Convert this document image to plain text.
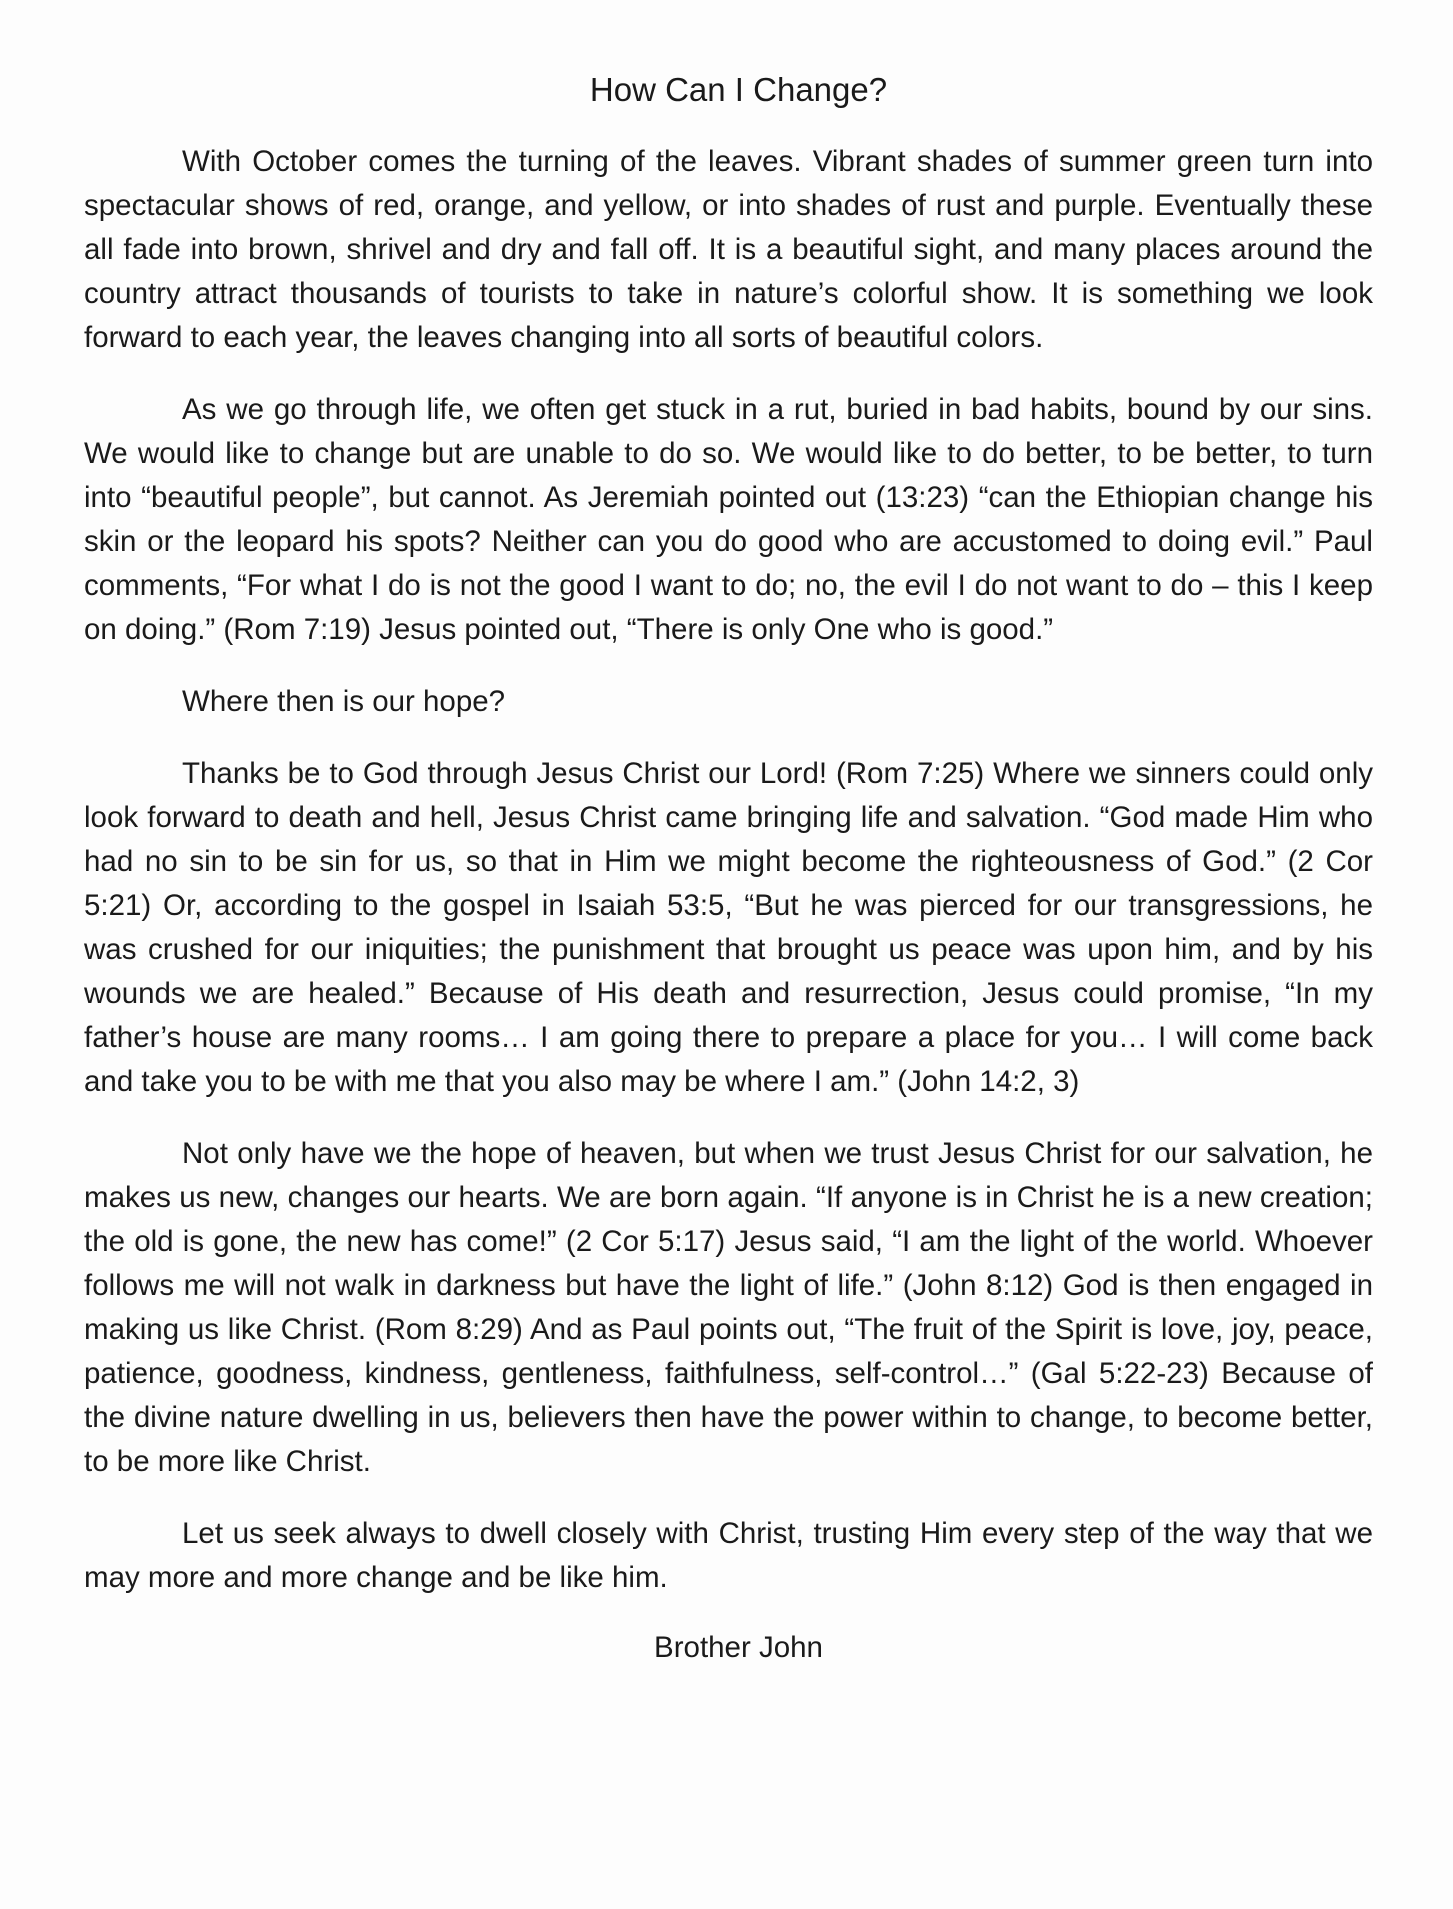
How Can I Change?

With October comes the turning of the leaves. Vibrant shades of summer green turn into spectacular shows of red, orange, and yellow, or into shades of rust and purple. Eventually these all fade into brown, shrivel and dry and fall off. It is a beautiful sight, and many places around the country attract thousands of tourists to take in nature’s colorful show. It is something we look forward to each year, the leaves changing into all sorts of beautiful colors.

As we go through life, we often get stuck in a rut, buried in bad habits, bound by our sins. We would like to change but are unable to do so. We would like to do better, to be better, to turn into “beautiful people”, but cannot. As Jeremiah pointed out (13:23) “can the Ethiopian change his skin or the leopard his spots? Neither can you do good who are accustomed to doing evil.” Paul comments, “For what I do is not the good I want to do; no, the evil I do not want to do – this I keep on doing.” (Rom 7:19) Jesus pointed out, “There is only One who is good.”

Where then is our hope?

Thanks be to God through Jesus Christ our Lord! (Rom 7:25) Where we sinners could only look forward to death and hell, Jesus Christ came bringing life and salvation. “God made Him who had no sin to be sin for us, so that in Him we might become the righteousness of God.” (2 Cor 5:21) Or, according to the gospel in Isaiah 53:5, “But he was pierced for our transgressions, he was crushed for our iniquities; the punishment that brought us peace was upon him, and by his wounds we are healed.” Because of His death and resurrection, Jesus could promise, “In my father’s house are many rooms… I am going there to prepare a place for you… I will come back and take you to be with me that you also may be where I am.” (John 14:2, 3)

Not only have we the hope of heaven, but when we trust Jesus Christ for our salvation, he makes us new, changes our hearts. We are born again. “If anyone is in Christ he is a new creation; the old is gone, the new has come!” (2 Cor 5:17) Jesus said, “I am the light of the world. Whoever follows me will not walk in darkness but have the light of life.” (John 8:12) God is then engaged in making us like Christ. (Rom 8:29) And as Paul points out, “The fruit of the Spirit is love, joy, peace, patience, goodness, kindness, gentleness, faithfulness, self-control…” (Gal 5:22-23) Because of the divine nature dwelling in us, believers then have the power within to change, to become better, to be more like Christ.

Let us seek always to dwell closely with Christ, trusting Him every step of the way that we may more and more change and be like him.

Brother John
